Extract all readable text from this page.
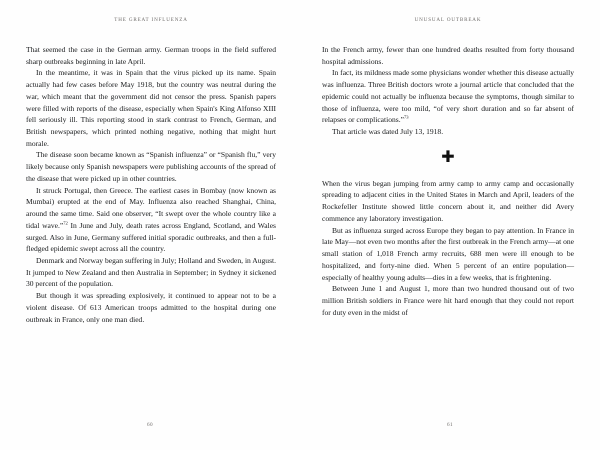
THE GREAT INFLUENZA

That seemed the case in the German army. German troops in the field suffered sharp outbreaks beginning in late April.

In the meantime, it was in Spain that the virus picked up its name. Spain actually had few cases before May 1918, but the country was neutral during the war, which meant that the government did not censor the press. Spanish papers were filled with reports of the disease, especially when Spain's King Alfonso XIII fell seriously ill. This reporting stood in stark contrast to French, German, and British newspapers, which printed nothing negative, nothing that might hurt morale.

The disease soon became known as “Spanish influenza” or “Spanish flu,” very likely because only Spanish newspapers were publishing accounts of the spread of the disease that were picked up in other countries.

It struck Portugal, then Greece. The earliest cases in Bombay (now known as Mumbai) erupted at the end of May. Influenza also reached Shanghai, China, around the same time. Said one observer, “It swept over the whole country like a tidal wave.”$^{72}$ In June and July, death rates across England, Scotland, and Wales surged. Also in June, Germany suffered initial sporadic outbreaks, and then a full-fledged epidemic swept across all the country.

Denmark and Norway began suffering in July; Holland and Sweden, in August. It jumped to New Zealand and then Australia in September; in Sydney it sickened 30 percent of the population.

But though it was spreading explosively, it continued to appear not to be a violent disease. Of 613 American troops admitted to the hospital during one outbreak in France, only one man died.

60
UNUSUAL OUTBREAK

In the French army, fewer than one hundred deaths resulted from forty thousand hospital admissions.

In fact, its mildness made some physicians wonder whether this disease actually was influenza. Three British doctors wrote a journal article that concluded that the epidemic could not actually be influenza because the symptoms, though similar to those of influenza, were too mild, “of very short duration and so far absent of relapses or complications.”$^{73}$

That article was dated July 13, 1918.

✚

When the virus began jumping from army camp to army camp and occasionally spreading to adjacent cities in the United States in March and April, leaders of the Rockefeller Institute showed little concern about it, and neither did Avery commence any laboratory investigation.

But as influenza surged across Europe they began to pay attention. In France in late May—not even two months after the first outbreak in the French army—at one small station of 1,018 French army recruits, 688 men were ill enough to be hospitalized, and forty-nine died. When 5 percent of an entire population—especially of healthy young adults—dies in a few weeks, that is frightening.

Between June 1 and August 1, more than two hundred thousand out of two million British soldiers in France were hit hard enough that they could not report for duty even in the midst of

61
